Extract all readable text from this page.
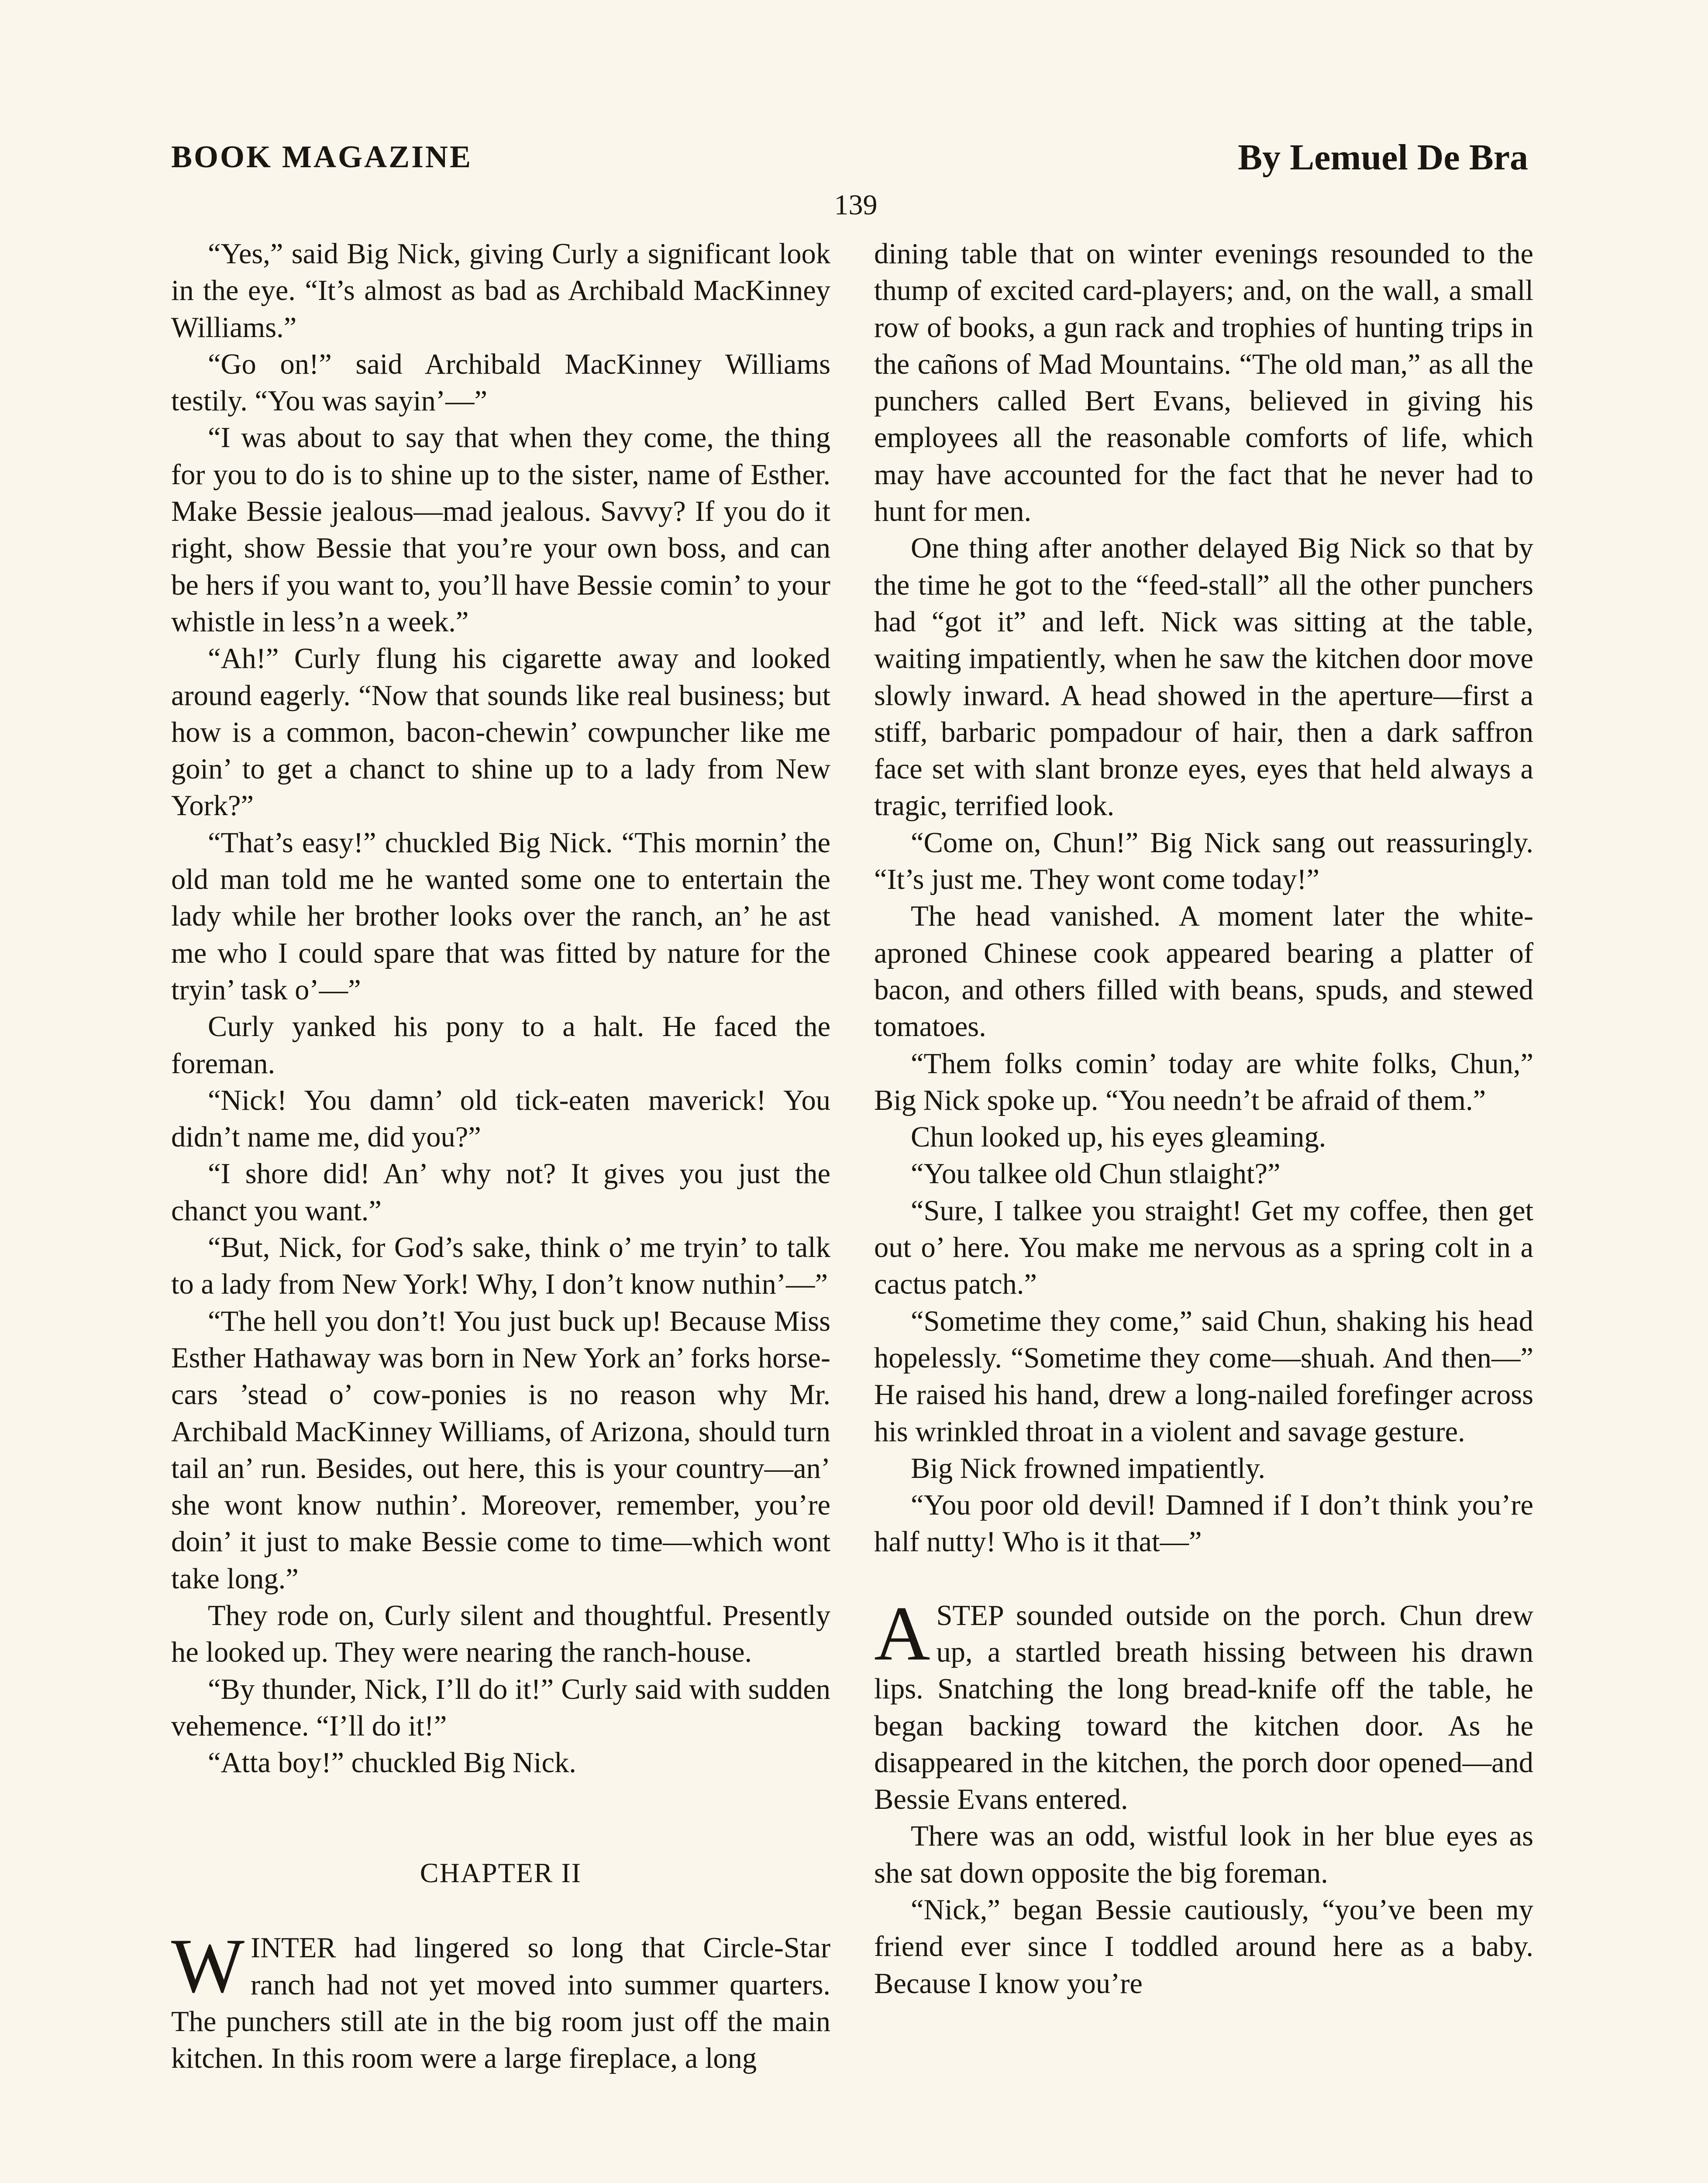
BOOK MAGAZINE	By Lemuel De Bra
139

“Yes,” said Big Nick, giving Curly a significant look in the eye. “It’s almost as bad as Archibald MacKinney Williams.”

“Go on!” said Archibald MacKinney Williams testily. “You was sayin’—”

“I was about to say that when they come, the thing for you to do is to shine up to the sister, name of Esther. Make Bessie jealous—mad jealous. Savvy? If you do it right, show Bessie that you’re your own boss, and can be hers if you want to, you’ll have Bessie comin’ to your whistle in less’n a week.”

“Ah!” Curly flung his cigarette away and looked around eagerly. “Now that sounds like real business; but how is a common, bacon-chewin’ cowpuncher like me goin’ to get a chanct to shine up to a lady from New York?”

“That’s easy!” chuckled Big Nick. “This mornin’ the old man told me he wanted some one to entertain the lady while her brother looks over the ranch, an’ he ast me who I could spare that was fitted by nature for the tryin’ task o’—”

Curly yanked his pony to a halt. He faced the foreman.

“Nick! You damn’ old tick-eaten maverick! You didn’t name me, did you?”

“I shore did! An’ why not? It gives you just the chanct you want.”

“But, Nick, for God’s sake, think o’ me tryin’ to talk to a lady from New York! Why, I don’t know nuthin’—”

“The hell you don’t! You just buck up! Because Miss Esther Hathaway was born in New York an’ forks horse-cars ’stead o’ cow-ponies is no reason why Mr. Archibald MacKinney Williams, of Arizona, should turn tail an’ run. Besides, out here, this is your country—an’ she wont know nuthin’. Moreover, remember, you’re doin’ it just to make Bessie come to time—which wont take long.”

They rode on, Curly silent and thoughtful. Presently he looked up. They were nearing the ranch-house.

“By thunder, Nick, I’ll do it!” Curly said with sudden vehemence. “I’ll do it!”

“Atta boy!” chuckled Big Nick.

CHAPTER II

WINTER had lingered so long that Circle-Star ranch had not yet moved into summer quarters. The punchers still ate in the big room just off the main kitchen. In this room were a large fireplace, a long

dining table that on winter evenings resounded to the thump of excited card-players; and, on the wall, a small row of books, a gun rack and trophies of hunting trips in the cañons of Mad Mountains. “The old man,” as all the punchers called Bert Evans, believed in giving his employees all the reasonable comforts of life, which may have accounted for the fact that he never had to hunt for men.

One thing after another delayed Big Nick so that by the time he got to the “feed-stall” all the other punchers had “got it” and left. Nick was sitting at the table, waiting impatiently, when he saw the kitchen door move slowly inward. A head showed in the aperture—first a stiff, barbaric pompadour of hair, then a dark saffron face set with slant bronze eyes, eyes that held always a tragic, terrified look.

“Come on, Chun!” Big Nick sang out reassuringly. “It’s just me. They wont come today!”

The head vanished. A moment later the white-aproned Chinese cook appeared bearing a platter of bacon, and others filled with beans, spuds, and stewed tomatoes.

“Them folks comin’ today are white folks, Chun,” Big Nick spoke up. “You needn’t be afraid of them.”

Chun looked up, his eyes gleaming.

“You talkee old Chun stlaight?”

“Sure, I talkee you straight! Get my coffee, then get out o’ here. You make me nervous as a spring colt in a cactus patch.”

“Sometime they come,” said Chun, shaking his head hopelessly. “Sometime they come—shuah. And then—” He raised his hand, drew a long-nailed forefinger across his wrinkled throat in a violent and savage gesture.

Big Nick frowned impatiently.

“You poor old devil! Damned if I don’t think you’re half nutty! Who is it that—”

ASTEP sounded outside on the porch. Chun drew up, a startled breath hissing between his drawn lips. Snatching the long bread-knife off the table, he began backing toward the kitchen door. As he disappeared in the kitchen, the porch door opened—and Bessie Evans entered.

There was an odd, wistful look in her blue eyes as she sat down opposite the big foreman.

“Nick,” began Bessie cautiously, “you’ve been my friend ever since I toddled around here as a baby. Because I know you’re
